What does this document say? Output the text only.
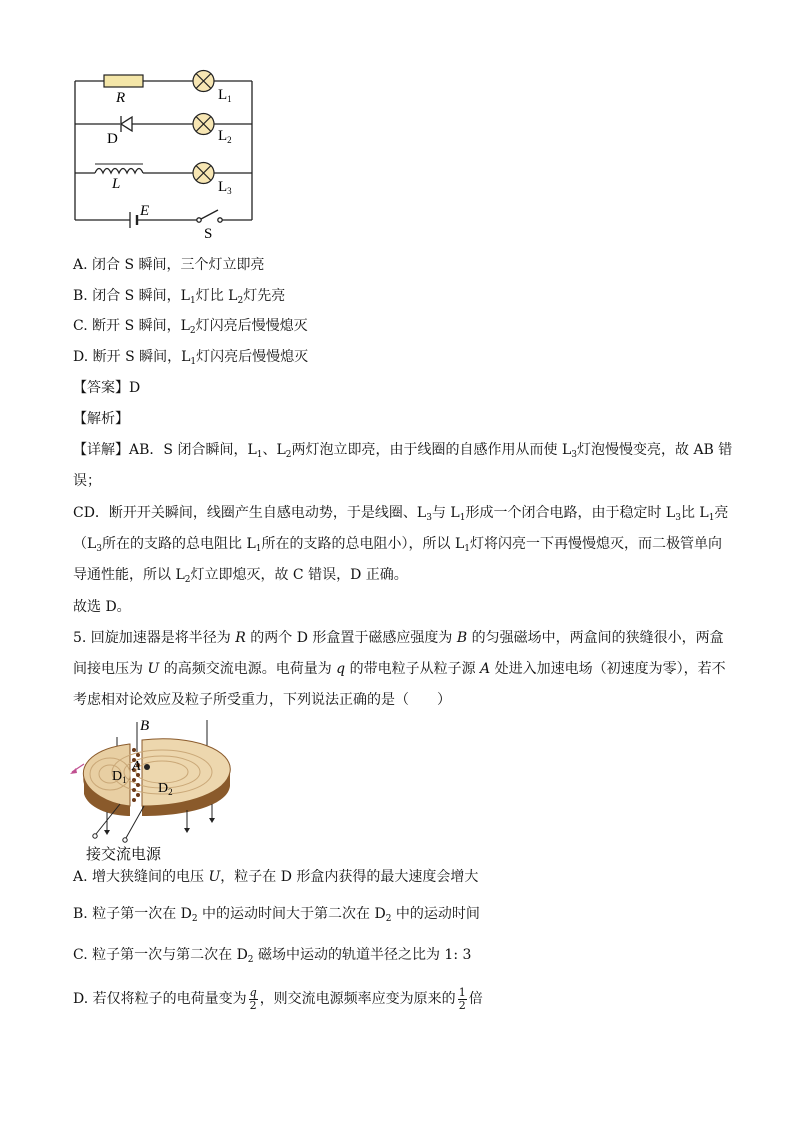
R	$L_1$
D	$L_2$
L	$L_3$
E
S
A. 闭合 S 瞬间，三个灯立即亮
B. 闭合 S 瞬间，$L_1$灯比 $L_2$灯先亮
C. 断开 S 瞬间，$L_2$灯闪亮后慢慢熄灭
D. 断开 S 瞬间，$L_1$灯闪亮后慢慢熄灭
【答案】D
【解析】
【详解】AB．S 闭合瞬间，$L_1$、$L_2$两灯泡立即亮，由于线圈的自感作用从而使 $L_3$灯泡慢慢变亮，故 AB 错
误；
CD．断开开关瞬间，线圈产生自感电动势，于是线圈、$L_3$与 $L_1$形成一个闭合电路，由于稳定时 $L_3$比 $L_1$亮
（$L_3$所在的支路的总电阻比 $L_1$所在的支路的总电阻小），所以 $L_1$灯将闪亮一下再慢慢熄灭，而二极管单向
导通性能，所以 $L_2$灯立即熄灭，故 C 错误，D 正确。
故选 D。
5. 回旋加速器是将半径为 R 的两个 D 形盒置于磁感应强度为 B 的匀强磁场中，两盒间的狭缝很小，两盒
间接电压为 U 的高频交流电源。电荷量为 q 的带电粒子从粒子源 A 处进入加速电场（初速度为零），若不
考虑相对论效应及粒子所受重力，下列说法正确的是（　　）
B
A
$D_1$
$D_2$
接交流电源
A. 增大狭缝间的电压 U，粒子在 D 形盒内获得的最大速度会增大
B. 粒子第一次在 $D_2$ 中的运动时间大于第二次在 $D_2$ 中的运动时间
C. 粒子第一次与第二次在 $D_2$ 磁场中运动的轨道半径之比为 1: 3
D. 若仅将粒子的电荷量变为 $\frac{q}{2}$ ，则交流电源频率应变为原来的 $\frac{1}{2}$ 倍
